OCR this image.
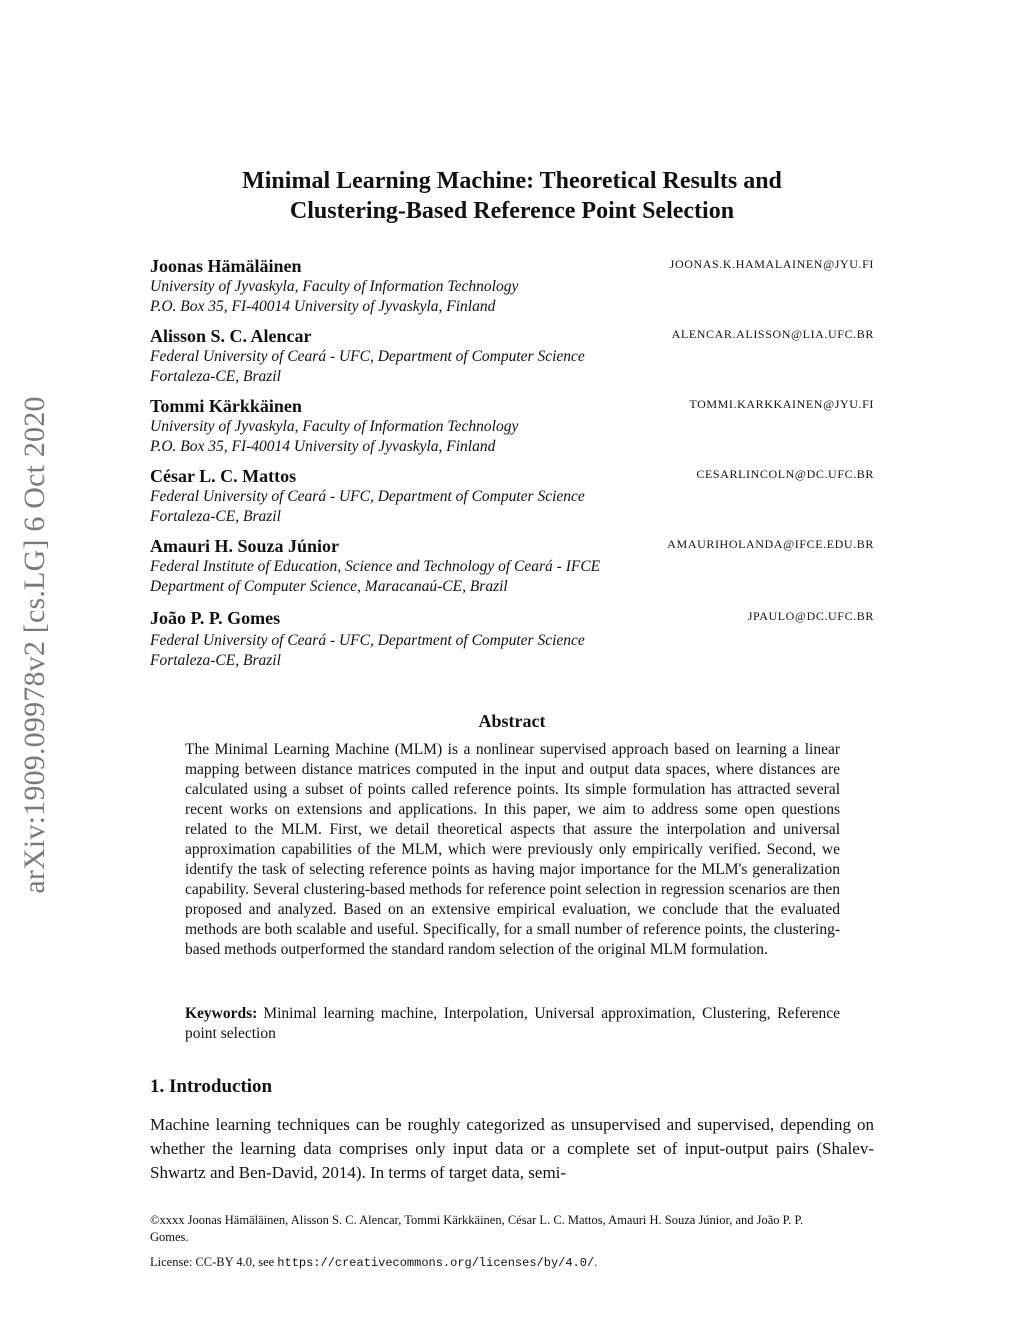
arXiv:1909.09978v2 [cs.LG] 6 Oct 2020
Minimal Learning Machine: Theoretical Results and
Clustering-Based Reference Point Selection
Joonas Hämäläinen	JOONAS.K.HAMALAINEN@JYU.FI
University of Jyvaskyla, Faculty of Information Technology
P.O. Box 35, FI-40014 University of Jyvaskyla, Finland
Alisson S. C. Alencar	ALENCAR.ALISSON@LIA.UFC.BR
Federal University of Ceará - UFC, Department of Computer Science
Fortaleza-CE, Brazil
Tommi Kärkkäinen	TOMMI.KARKKAINEN@JYU.FI
University of Jyvaskyla, Faculty of Information Technology
P.O. Box 35, FI-40014 University of Jyvaskyla, Finland
César L. C. Mattos	CESARLINCOLN@DC.UFC.BR
Federal University of Ceará - UFC, Department of Computer Science
Fortaleza-CE, Brazil
Amauri H. Souza Júnior	AMAURIHOLANDA@IFCE.EDU.BR
Federal Institute of Education, Science and Technology of Ceará - IFCE
Department of Computer Science, Maracanaú-CE, Brazil
João P. P. Gomes	JPAULO@DC.UFC.BR
Federal University of Ceará - UFC, Department of Computer Science
Fortaleza-CE, Brazil
Abstract
The Minimal Learning Machine (MLM) is a nonlinear supervised approach based on learning a linear mapping between distance matrices computed in the input and output data spaces, where distances are calculated using a subset of points called reference points. Its simple formulation has attracted several recent works on extensions and applications. In this paper, we aim to address some open questions related to the MLM. First, we detail theoretical aspects that assure the interpolation and universal approximation capabilities of the MLM, which were previously only empirically verified. Second, we identify the task of selecting reference points as having major importance for the MLM's generalization capability. Several clustering-based methods for reference point selection in regression scenarios are then proposed and analyzed. Based on an extensive empirical evaluation, we conclude that the evaluated methods are both scalable and useful. Specifically, for a small number of reference points, the clustering-based methods outperformed the standard random selection of the original MLM formulation.
Keywords: Minimal learning machine, Interpolation, Universal approximation, Clustering, Reference point selection
1. Introduction
Machine learning techniques can be roughly categorized as unsupervised and supervised, depending on whether the learning data comprises only input data or a complete set of input-output pairs (Shalev-Shwartz and Ben-David, 2014). In terms of target data, semi-
©xxxx Joonas Hämäläinen, Alisson S. C. Alencar, Tommi Kärkkäinen, César L. C. Mattos, Amauri H. Souza Júnior, and João P. P. Gomes.
License: CC-BY 4.0, see https://creativecommons.org/licenses/by/4.0/.
